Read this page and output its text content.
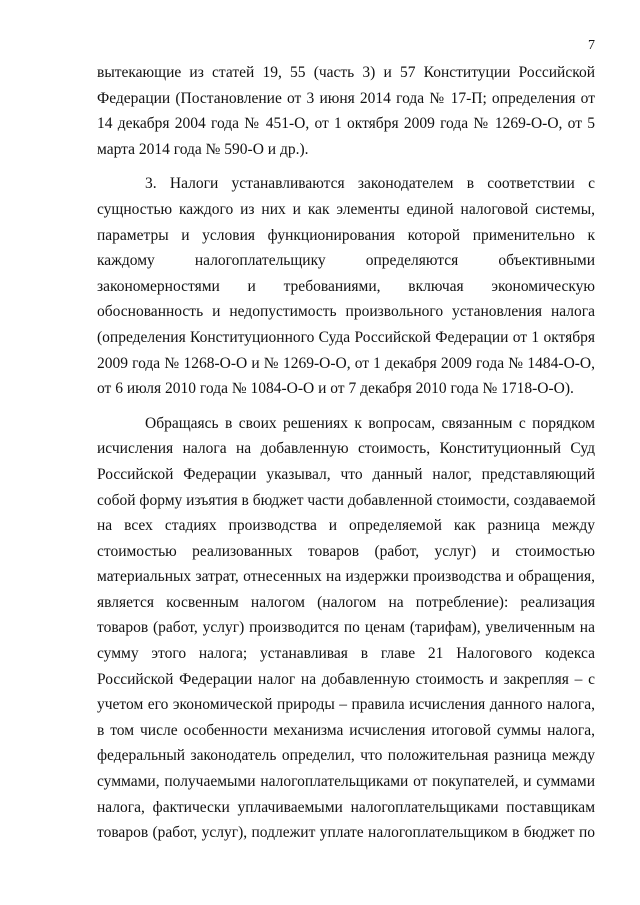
7
вытекающие из статей 19, 55 (часть 3) и 57 Конституции Российской
Федерации (Постановление от 3 июня 2014 года № 17-П; определения от
14 декабря 2004 года № 451-О, от 1 октября 2009 года № 1269-О-О, от 5
марта 2014 года № 590-О и др.).
3. Налоги устанавливаются законодателем в соответствии с
сущностью каждого из них и как элементы единой налоговой системы,
параметры и условия функционирования которой применительно к
каждому налогоплательщику определяются объективными
закономерностями и требованиями, включая экономическую
обоснованность и недопустимость произвольного установления налога
(определения Конституционного Суда Российской Федерации от 1 октября
2009 года № 1268-О-О и № 1269-О-О, от 1 декабря 2009 года № 1484-О-О,
от 6 июля 2010 года № 1084-О-О и от 7 декабря 2010 года № 1718-О-О).
Обращаясь в своих решениях к вопросам, связанным с порядком
исчисления налога на добавленную стоимость, Конституционный Суд
Российской Федерации указывал, что данный налог, представляющий
собой форму изъятия в бюджет части добавленной стоимости, создаваемой
на всех стадиях производства и определяемой как разница между
стоимостью реализованных товаров (работ, услуг) и стоимостью
материальных затрат, отнесенных на издержки производства и обращения,
является косвенным налогом (налогом на потребление): реализация
товаров (работ, услуг) производится по ценам (тарифам), увеличенным на
сумму этого налога; устанавливая в главе 21 Налогового кодекса
Российской Федерации налог на добавленную стоимость и закрепляя – с
учетом его экономической природы – правила исчисления данного налога,
в том числе особенности механизма исчисления итоговой суммы налога,
федеральный законодатель определил, что положительная разница между
суммами, получаемыми налогоплательщиками от покупателей, и суммами
налога, фактически уплачиваемыми налогоплательщиками поставщикам
товаров (работ, услуг), подлежит уплате налогоплательщиком в бюджет по
